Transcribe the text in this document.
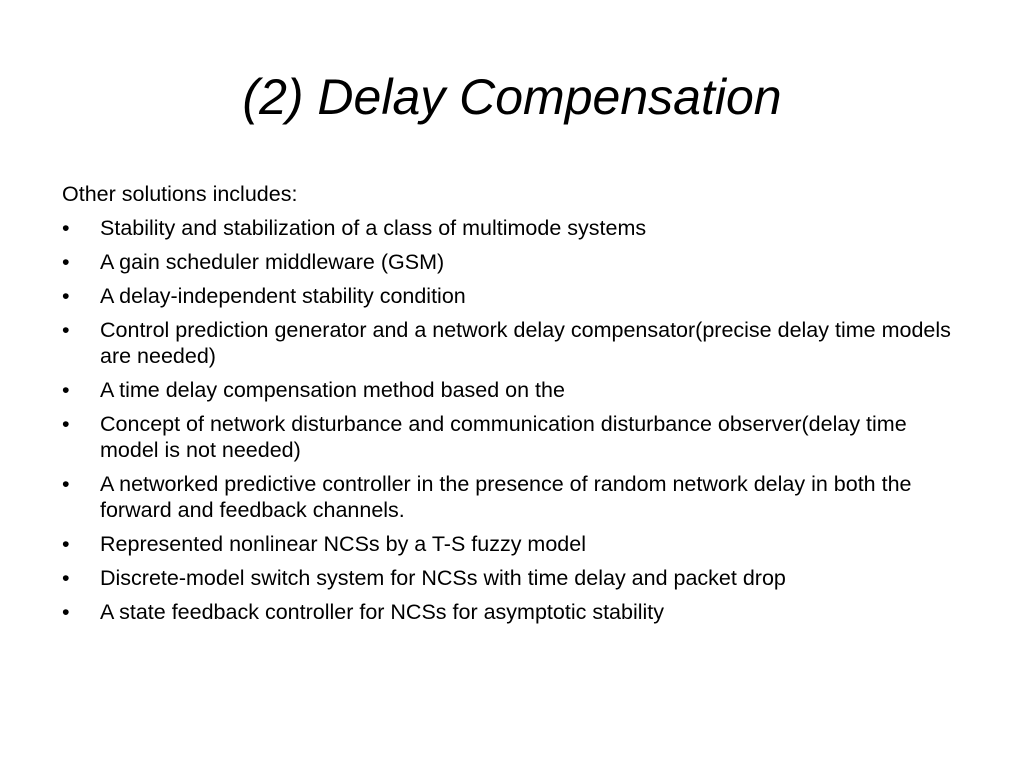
(2) Delay Compensation

Other solutions includes:

•	Stability and stabilization of a class of multimode systems
•	A gain scheduler middleware (GSM)
•	A delay-independent stability condition
•	Control prediction generator and a network delay compensator(precise delay time models are needed)
•	A time delay compensation method based on the
•	Concept of network disturbance and communication disturbance observer(delay time model is not needed)
•	A networked predictive controller in the presence of random network delay in both the forward and feedback channels.
•	Represented nonlinear NCSs by a T-S fuzzy model
•	Discrete-model switch system for NCSs with time delay and packet drop
•	A state feedback controller for NCSs for asymptotic stability
